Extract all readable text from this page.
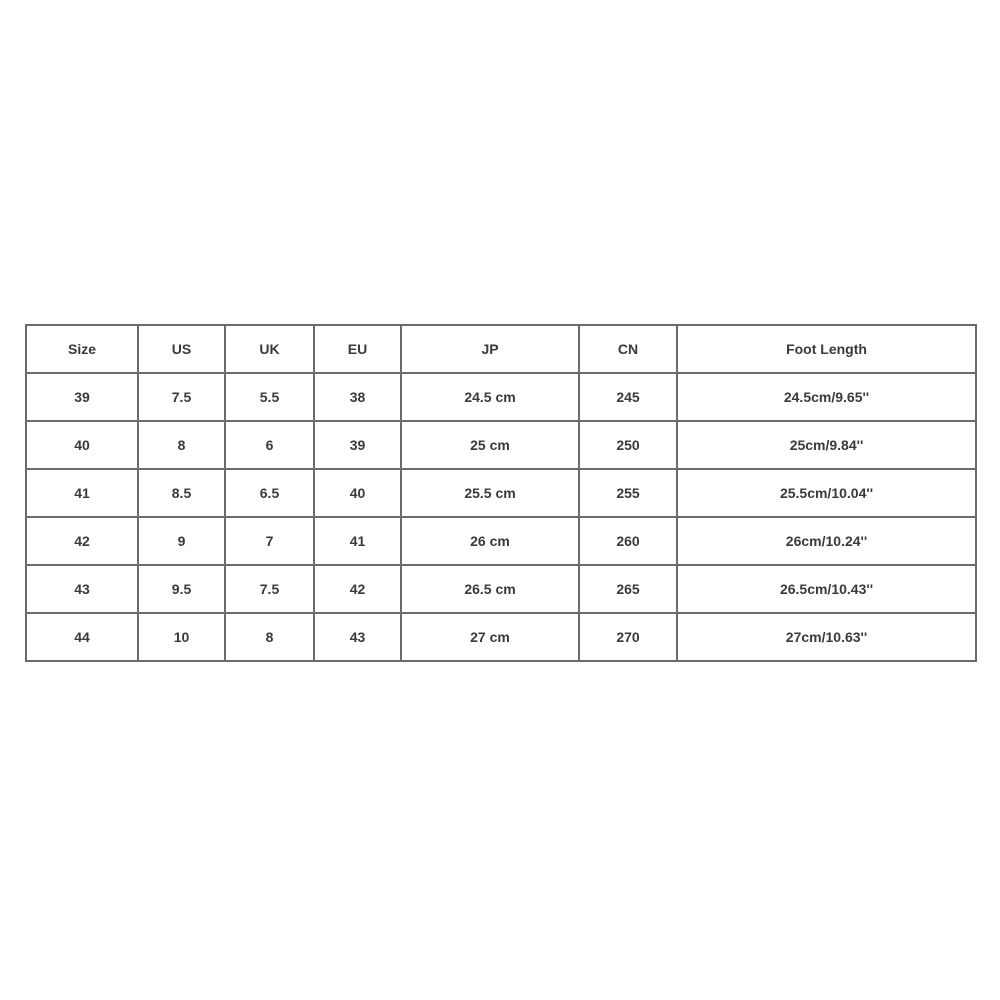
Size	US	UK	EU	JP	CN	Foot Length
39	7.5	5.5	38	24.5 cm	245	24.5cm/9.65''
40	8	6	39	25 cm	250	25cm/9.84''
41	8.5	6.5	40	25.5 cm	255	25.5cm/10.04''
42	9	7	41	26 cm	260	26cm/10.24''
43	9.5	7.5	42	26.5 cm	265	26.5cm/10.43''
44	10	8	43	27 cm	270	27cm/10.63''
